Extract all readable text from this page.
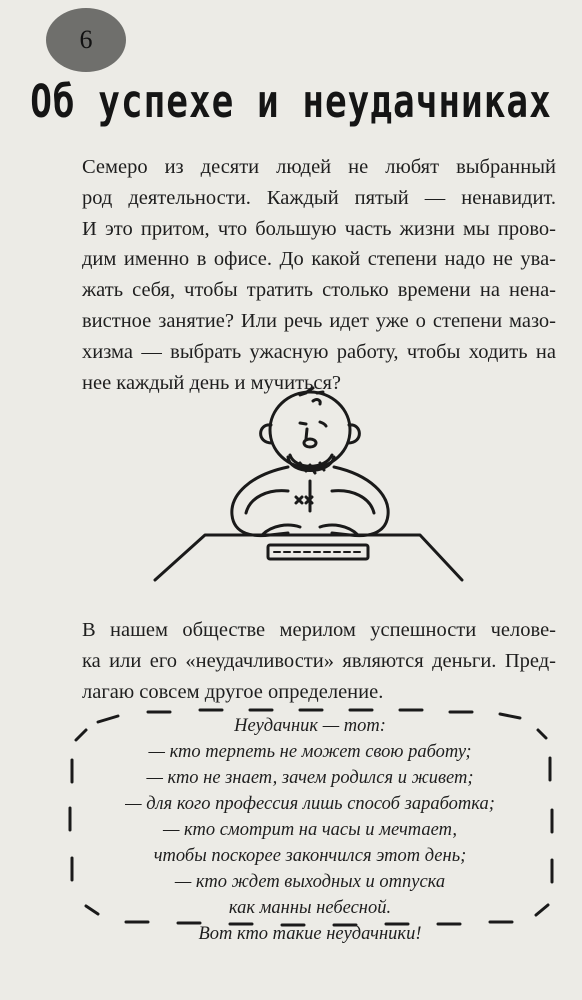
6
Об успехе и неудачниках
Семеро из десяти людей не любят выбранный
род деятельности. Каждый пятый — ненавидит.
И это притом, что большую часть жизни мы прово-
дим именно в офисе. До какой степени надо не ува-
жать себя, чтобы тратить столько времени на нена-
вистное занятие? Или речь идет уже о степени мазо-
хизма — выбрать ужасную работу, чтобы ходить на
нее каждый день и мучиться?
В нашем обществе мерилом успешности челове-
ка или его «неудачливости» являются деньги. Пред-
лагаю совсем другое определение.
Неудачник — тот:
— кто терпеть не может свою работу;
— кто не знает, зачем родился и живет;
— для кого профессия лишь способ заработка;
— кто смотрит на часы и мечтает,
чтобы поскорее закончился этот день;
— кто ждет выходных и отпуска
как манны небесной.
Вот кто такие неудачники!
